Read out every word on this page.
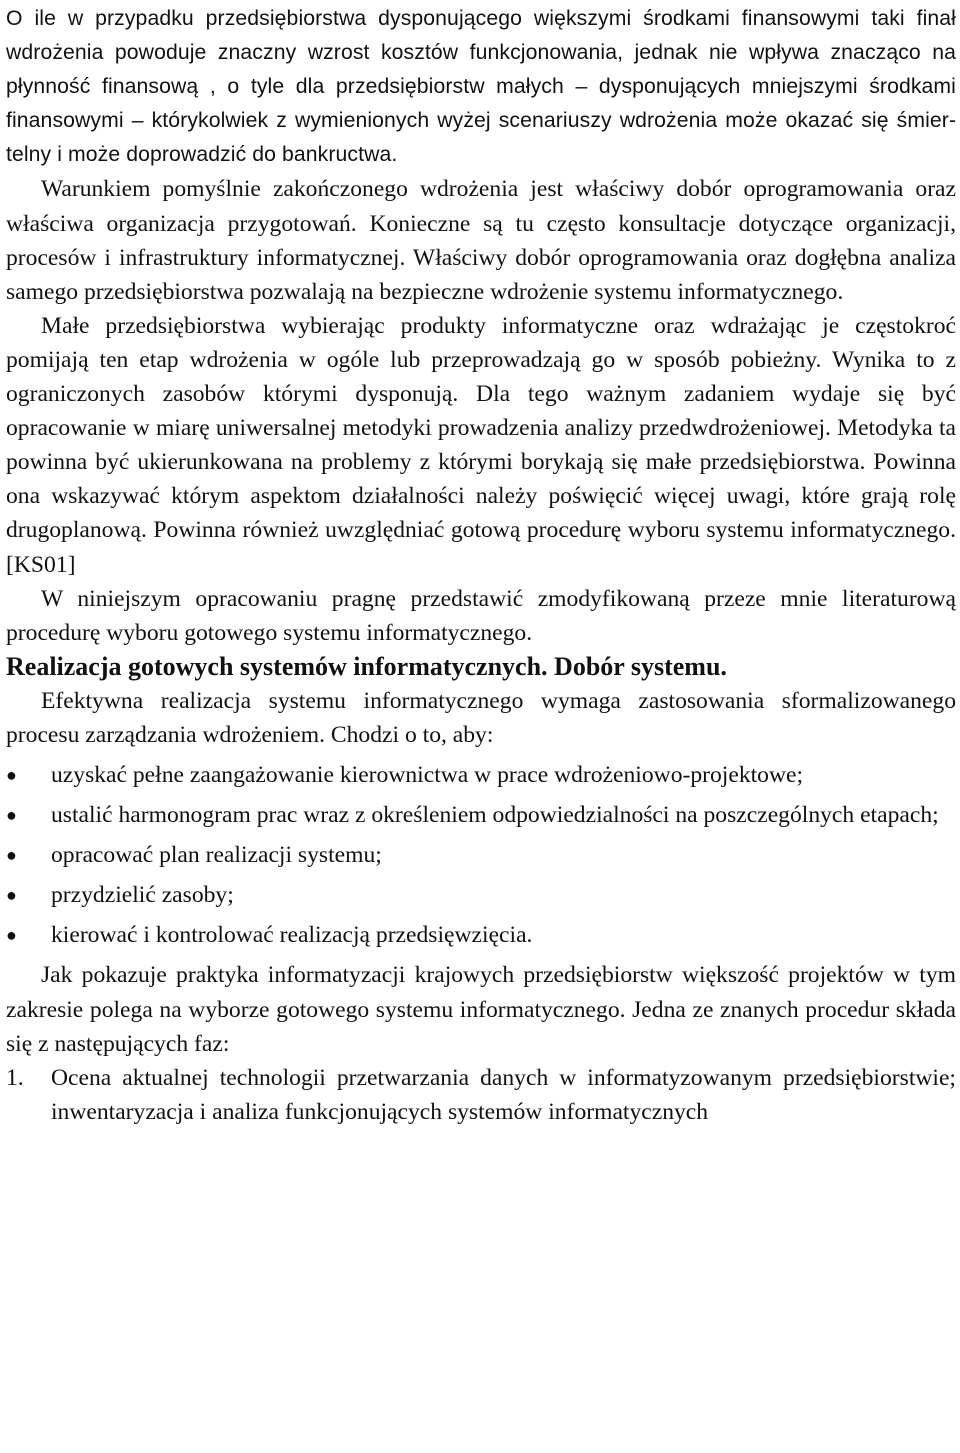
O ile w przypadku przedsiębiorstwa dysponującego większymi środkami finansowymi taki finał wdrożenia powoduje znaczny wzrost kosztów funkcjonowania, jednak nie wpływa znacząco na płynność finansową , o tyle dla przedsiębiorstw małych – dysponujących mniejszymi środkami finansowymi – którykolwiek z wymienionych wyżej scenariuszy wdrożenia może okazać się śmiertelny i może doprowadzić do bankructwa.

Warunkiem pomyślnie zakończonego wdrożenia jest właściwy dobór oprogramowania oraz właściwa organizacja przygotowań. Konieczne są tu często konsultacje dotyczące organizacji, procesów i infrastruktury informatycznej. Właściwy dobór oprogramowania oraz dogłębna analiza samego przedsiębiorstwa pozwalają na bezpieczne wdrożenie systemu informatycznego.

Małe przedsiębiorstwa wybierając produkty informatyczne oraz wdrażając je częstokroć pomijają ten etap wdrożenia w ogóle lub przeprowadzają go w sposób pobieżny. Wynika to z ograniczonych zasobów którymi dysponują. Dla tego ważnym zadaniem wydaje się być opracowanie w miarę uniwersalnej metodyki prowadzenia analizy przedwdrożeniowej. Metodyka ta powinna być ukierunkowana na problemy z którymi borykają się małe przedsiębiorstwa. Powinna ona wskazywać którym aspektom działalności należy poświęcić więcej uwagi, które grają rolę drugoplanową. Powinna również uwzględniać gotową procedurę wyboru systemu informatycznego. [KS01]

W niniejszym opracowaniu pragnę przedstawić zmodyfikowaną przeze mnie literaturową procedurę wyboru gotowego systemu informatycznego.

Realizacja gotowych systemów informatycznych. Dobór systemu.

Efektywna realizacja systemu informatycznego wymaga zastosowania sformalizowanego procesu zarządzania wdrożeniem. Chodzi o to, aby:

●	uzyskać pełne zaangażowanie kierownictwa w prace wdrożeniowo-projektowe;
●	ustalić harmonogram prac wraz z określeniem odpowiedzialności na poszczególnych etapach;
●	opracować plan realizacji systemu;
●	przydzielić zasoby;
●	kierować i kontrolować realizacją przedsięwzięcia.

Jak pokazuje praktyka informatyzacji krajowych przedsiębiorstw większość projektów w tym zakresie polega na wyborze gotowego systemu informatycznego. Jedna ze znanych procedur składa się z następujących faz:

1. Ocena aktualnej technologii przetwarzania danych w informatyzowanym przedsiębiorstwie; inwentaryzacja i analiza funkcjonujących systemów informatycznych
